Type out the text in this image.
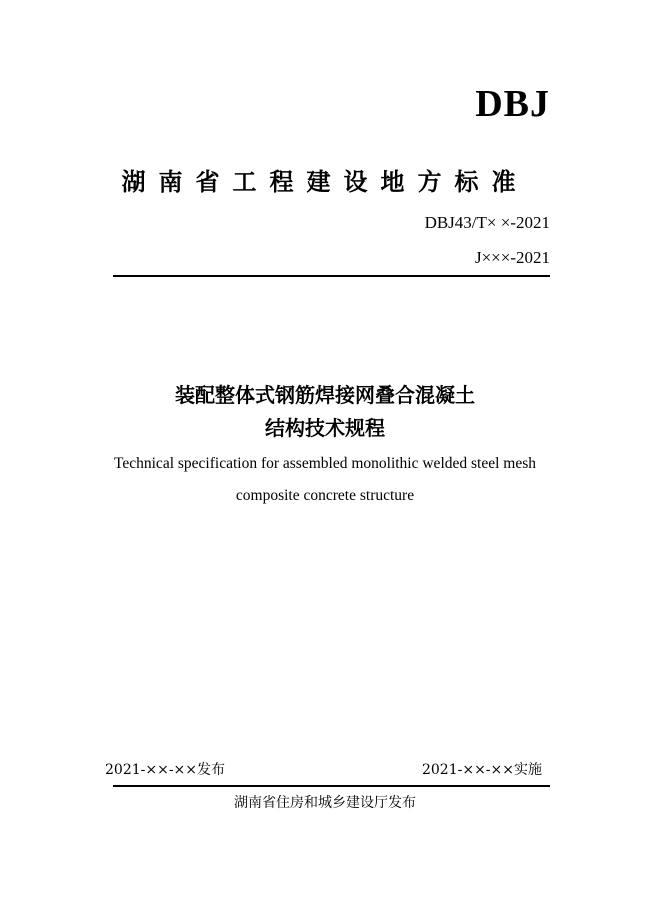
DBJ
湖南省工程建设地方标准
DBJ43/T× ×-2021
J×××-2021
装配整体式钢筋焊接网叠合混凝土
结构技术规程
Technical specification for assembled monolithic welded steel mesh
composite concrete structure
2021-××-××发布	2021-××-××实施
湖南省住房和城乡建设厅发布
